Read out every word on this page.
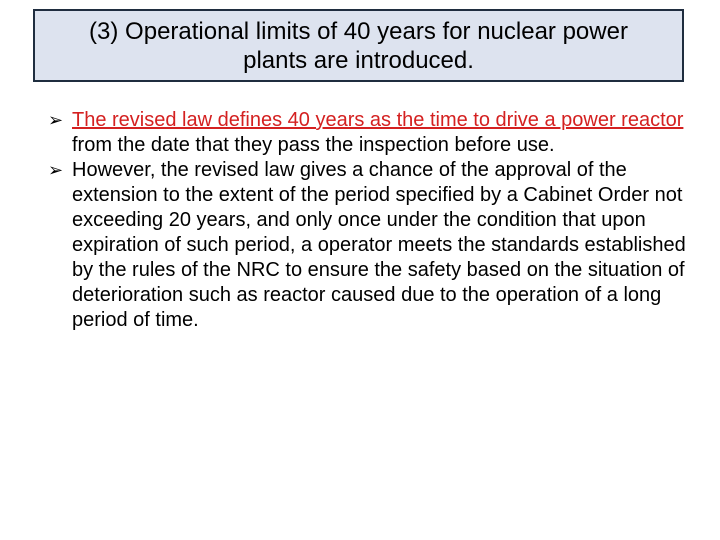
(3) Operational limits of 40 years for nuclear power
plants are introduced.

➢ The revised law defines 40 years as the time to drive a power reactor from the date that they pass the inspection before use.
➢ However, the revised law gives a chance of the approval of the extension to the extent of the period specified by a Cabinet Order not exceeding 20 years, and only once under the condition that upon expiration of such period, a operator meets the standards established by the rules of the NRC to ensure the safety based on the situation of deterioration such as reactor caused due to the operation of a long period of time.
